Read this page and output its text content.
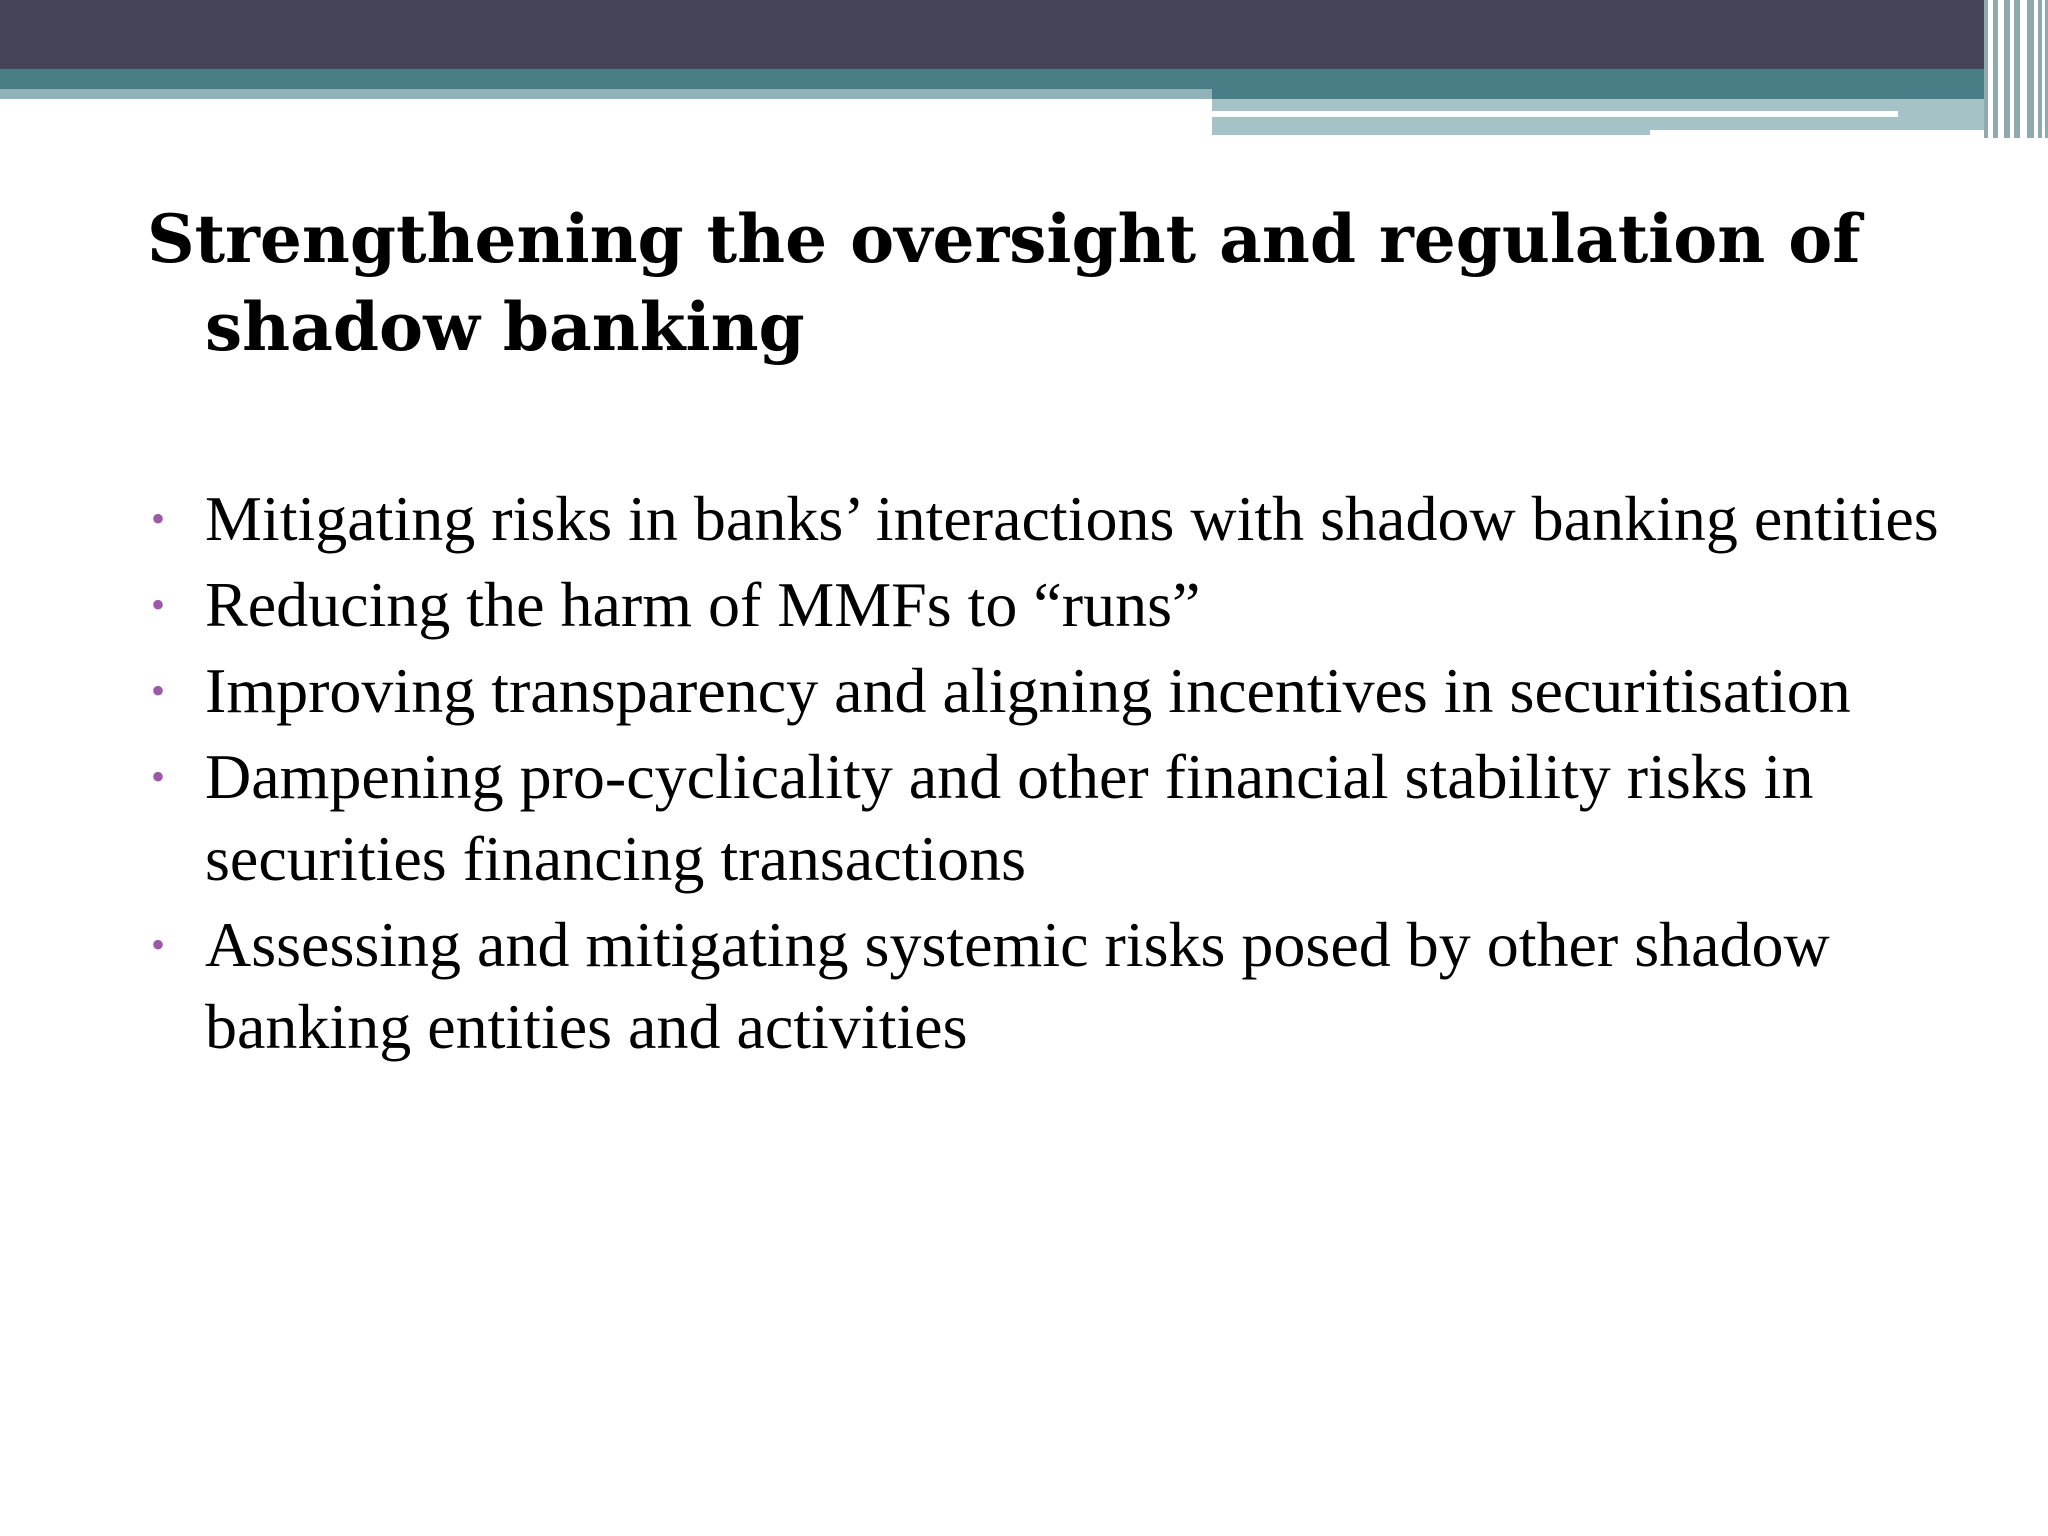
Strengthening the oversight and regulation of shadow banking
• Mitigating risks in banks’ interactions with shadow banking entities
• Reducing the harm of MMFs to “runs”
• Improving transparency and aligning incentives in securitisation
• Dampening pro-cyclicality and other financial stability risks in securities financing transactions
• Assessing and mitigating systemic risks posed by other shadow banking entities and activities
